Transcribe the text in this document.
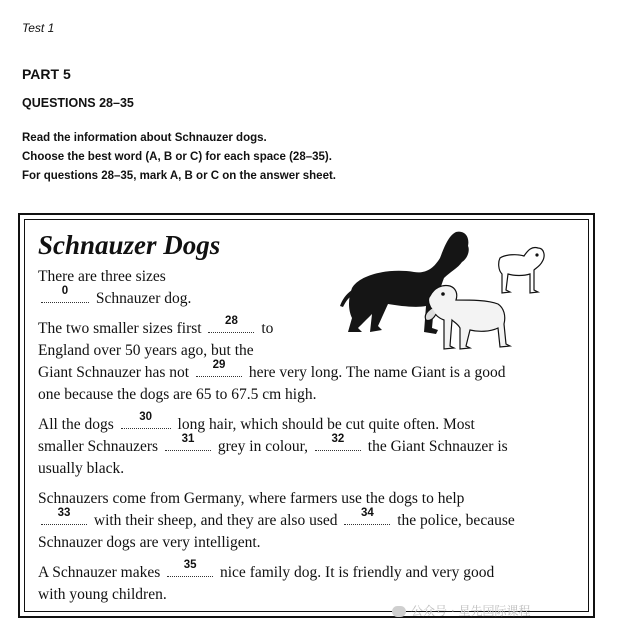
Test 1
PART 5
QUESTIONS 28–35
Read the information about Schnauzer dogs.
Choose the best word (A, B or C) for each space (28–35).
For questions 28–35, mark A, B or C on the answer sheet.
Schnauzer Dogs
There are three sizes
0	Schnauzer dog.
The two smaller sizes first	28	to
England over 50 years ago, but the
Giant Schnauzer has not	29	here very long. The name Giant is a good
one because the dogs are 65 to 67.5 cm high.
All the dogs	30	long hair, which should be cut quite often. Most
smaller Schnauzers	31	grey in colour,	32	the Giant Schnauzer is
usually black.
Schnauzers come from Germany, where farmers use the dogs to help
33	with their sheep, and they are also used	34	the police, because
Schnauzer dogs are very intelligent.
A Schnauzer makes	35	nice family dog. It is friendly and very good
with young children.
公众号 · 星先国际课程
